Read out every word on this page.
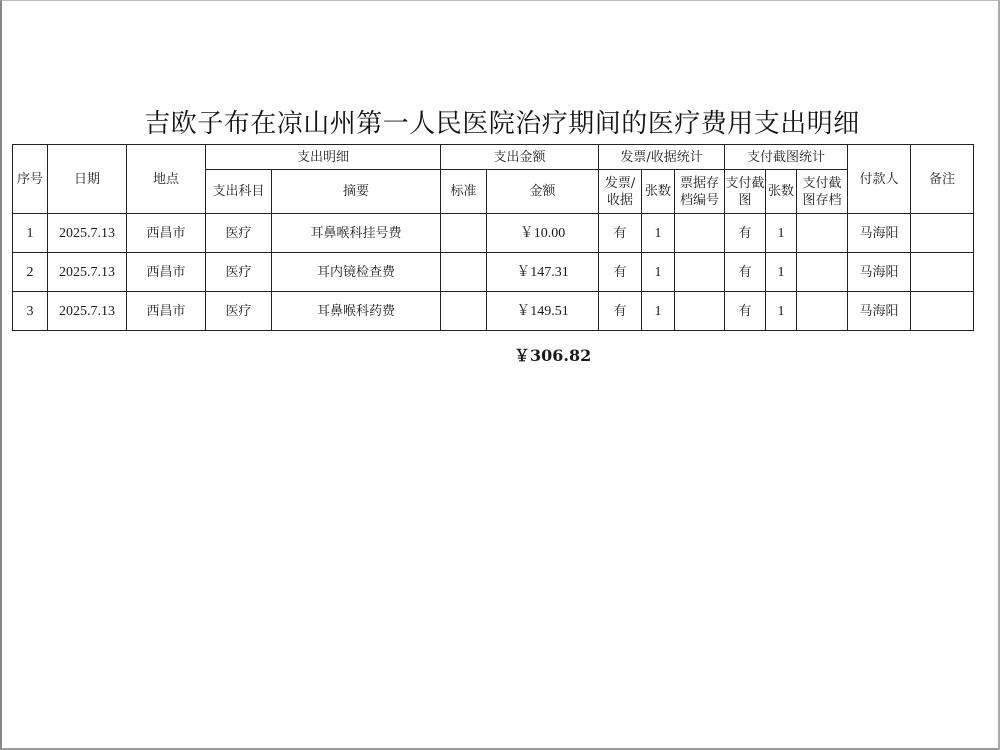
吉欧子布在凉山州第一人民医院治疗期间的医疗费用支出明细
序号	日期	地点	支出明细		支出金额		发票/收据统计			支付截图统计			付款人	备注
			支出科目	摘要	标准	金额	发票/收据	张数	票据存档编号	支付截图	张数	支付截图存档		
1	2025.7.13	西昌市	医疗	耳鼻喉科挂号费		￥10.00	有	1		有	1		马海阳	
2	2025.7.13	西昌市	医疗	耳内镜检查费		￥147.31	有	1		有	1		马海阳	
3	2025.7.13	西昌市	医疗	耳鼻喉科药费		￥149.51	有	1		有	1		马海阳	
￥306.82
